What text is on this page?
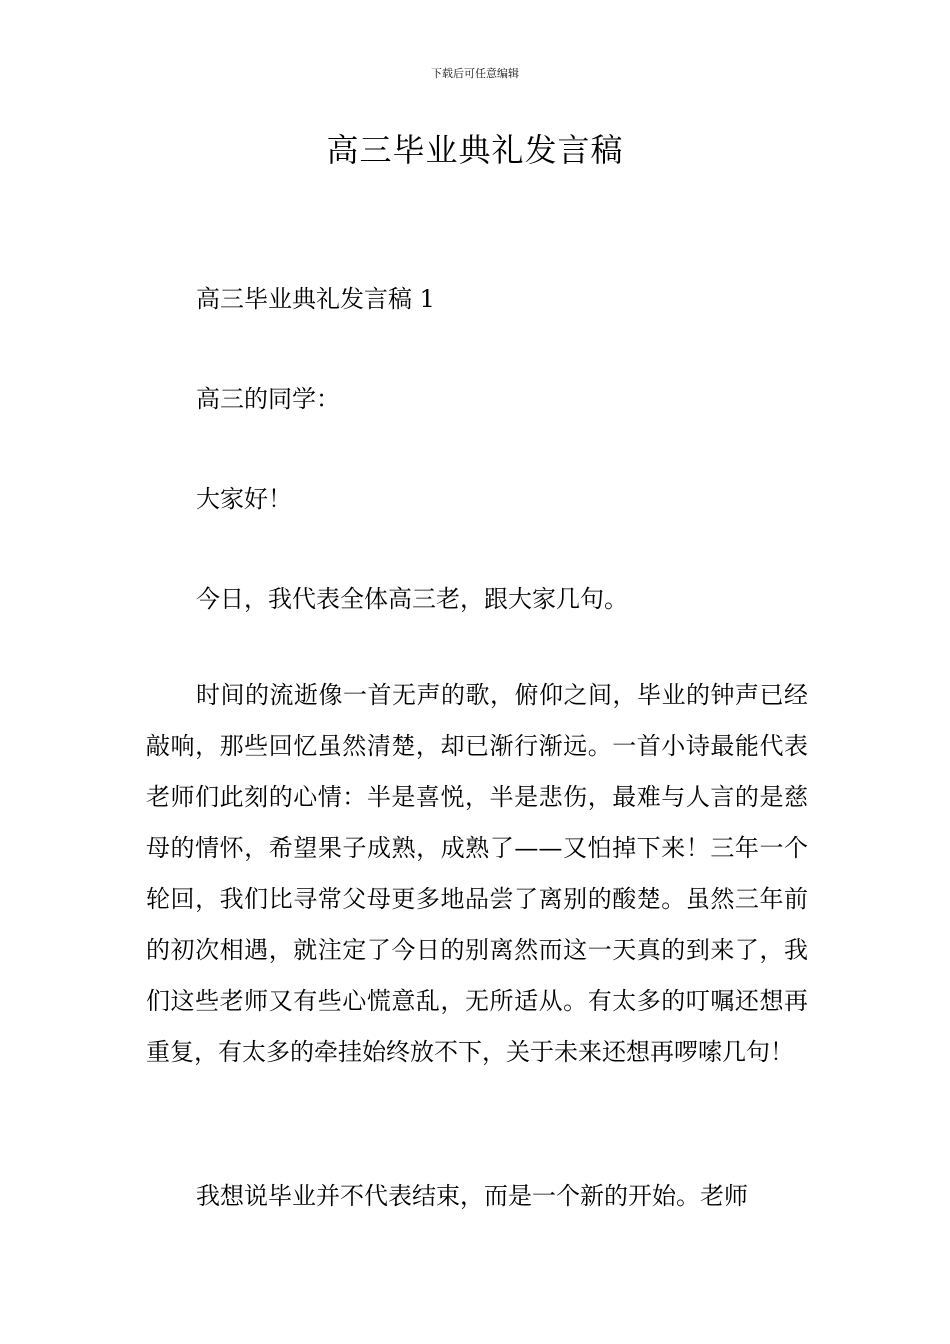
下载后可任意编辑
高三毕业典礼发言稿
高三毕业典礼发言稿 1
高三的同学：
大家好！
今日，我代表全体高三老，跟大家几句。

时间的流逝像一首无声的歌，俯仰之间，毕业的钟声已经敲响，那些回忆虽然清楚，却已渐行渐远。一首小诗最能代表老师们此刻的心情：半是喜悦，半是悲伤，最难与人言的是慈母的情怀，希望果子成熟，成熟了——又怕掉下来！三年一个轮回，我们比寻常父母更多地品尝了离别的酸楚。虽然三年前的初次相遇，就注定了今日的别离然而这一天真的到来了，我们这些老师又有些心慌意乱，无所适从。有太多的叮嘱还想再重复，有太多的牵挂始终放不下，关于未来还想再啰嗦几句！

我想说毕业并不代表结束，而是一个新的开始。老师
